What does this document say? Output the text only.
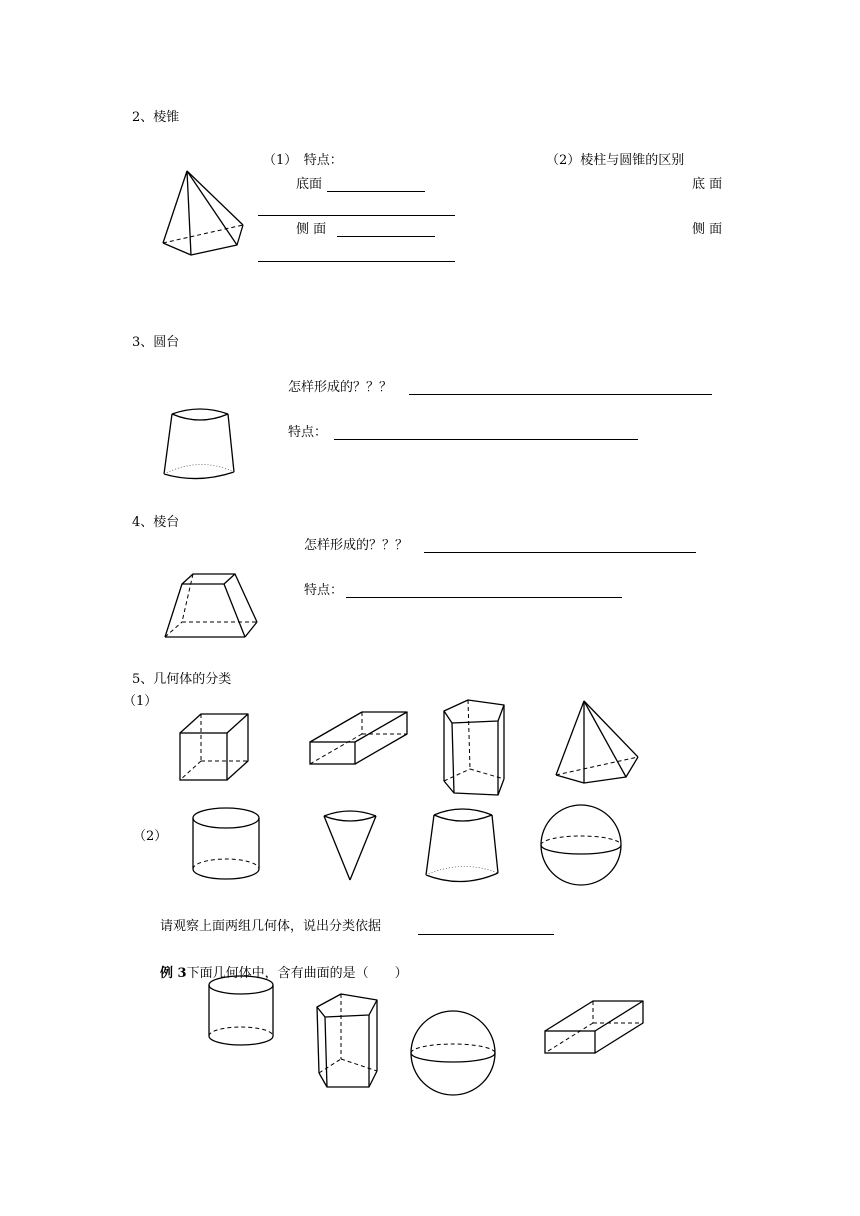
2、棱锥
（1）　特点：	（2）棱柱与圆锥的区别
底面	底 面
侧 面	侧 面
3、圆台
怎样形成的？？？
特点：
4、棱台
怎样形成的？？？
特点：
5、几何体的分类
（1）
（2）
请观察上面两组几何体，说出分类依据
例 3下面几何体中，含有曲面的是（　　）
